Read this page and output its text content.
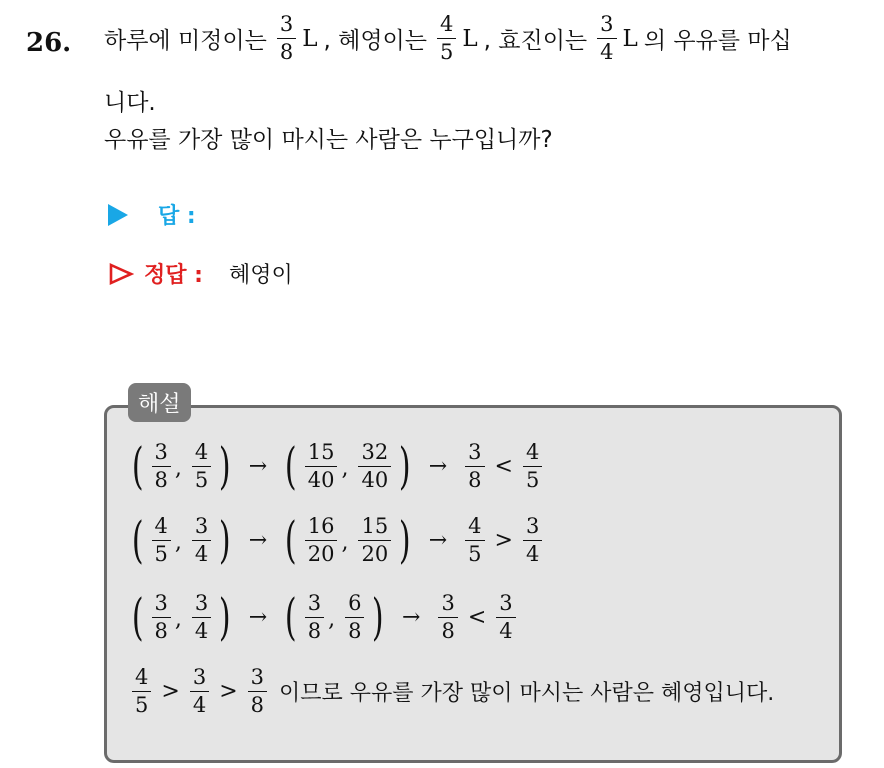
26. 하루에 미정이는 $\frac{3}{8}$ L , 혜영이는 $\frac{4}{5}$ L , 효진이는 $\frac{3}{4}$ L 의 우유를 마십
니다.
우유를 가장 많이 마시는 사람은 누구입니까?
답 :
정답 : 혜영이
해설
( $\frac{3}{8}$ , $\frac{4}{5}$ ) → ( $\frac{15}{40}$ , $\frac{32}{40}$ ) → $\frac{3}{8} < \frac{4}{5}$
( $\frac{4}{5}$ , $\frac{3}{4}$ ) → ( $\frac{16}{20}$ , $\frac{15}{20}$ ) → $\frac{4}{5} > \frac{3}{4}$
( $\frac{3}{8}$ , $\frac{3}{4}$ ) → ( $\frac{3}{8}$ , $\frac{6}{8}$ ) → $\frac{3}{8} < \frac{3}{4}$
$\frac{4}{5} > \frac{3}{4} > \frac{3}{8}$ 이므로 우유를 가장 많이 마시는 사람은 혜영입니다.
